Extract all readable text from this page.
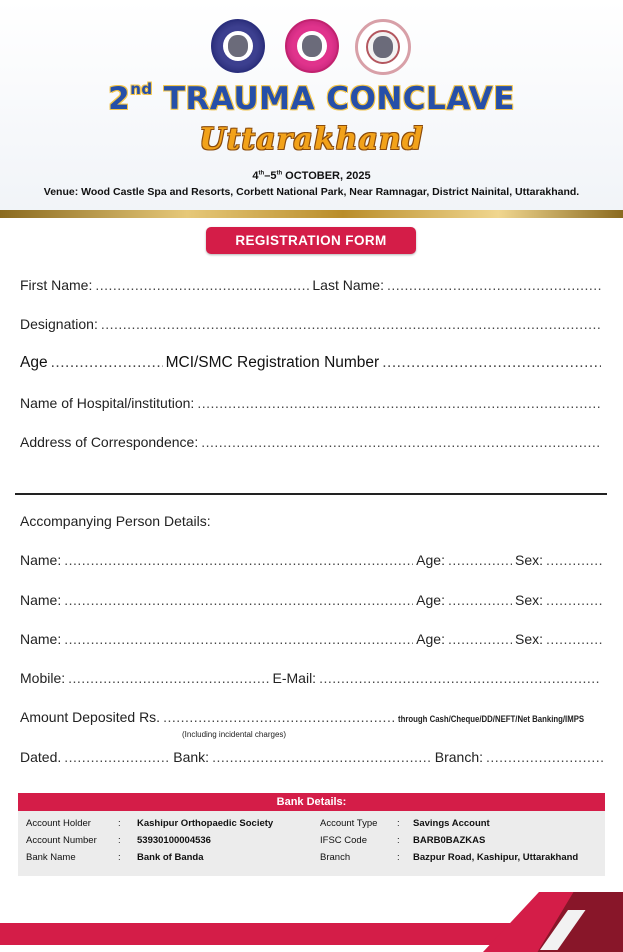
2nd TRAUMA CONCLAVE
Uttarakhand
4th–5th OCTOBER, 2025
Venue: Wood Castle Spa and Resorts, Corbett National Park, Near Ramnagar, District Nainital, Uttarakhand.
REGISTRATION FORM
First Name: .....	Last Name:
.....
Designation:
.....
Age .....	MCI/SMC Registration Number
.....
Name of Hospital/institution:
.....
Address of Correspondence:
.....
Accompanying Person Details:
Name: .....	Age: .....	Sex:
.....
Name: .....	Age: .....	Sex:
.....
Name: .....	Age: .....	Sex:
.....
Mobile: .....	E-Mail:
.....
Amount Deposited Rs. .....	through Cash/Cheque/DD/NEFT/Net Banking/IMPS
(Including incidental charges)
Dated. .....	Bank: .....	Branch:
.....
Bank Details:
Account Holder	: Kashipur Orthopaedic Society	Account Type : Savings Account
Account Number : 53930100004536	IFSC Code	: BARB0BAZKAS
Bank Name	: Bank of Banda	Branch	: Bazpur Road, Kashipur, Uttarakhand
